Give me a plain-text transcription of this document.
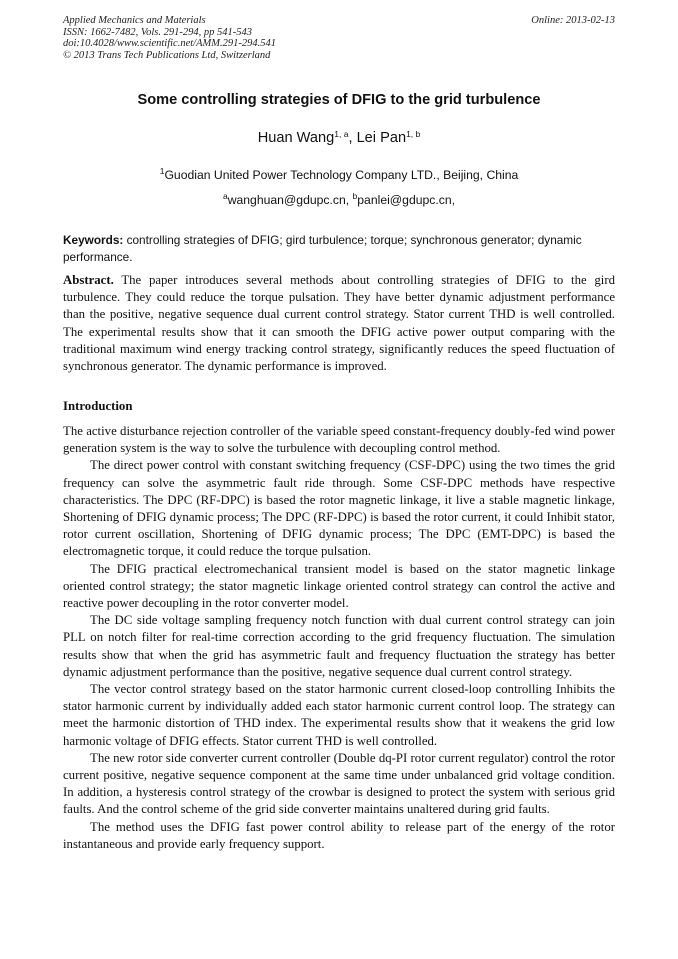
Applied Mechanics and Materials
ISSN: 1662-7482, Vols. 291-294, pp 541-543
doi:10.4028/www.scientific.net/AMM.291-294.541
© 2013 Trans Tech Publications Ltd, Switzerland
Online: 2013-02-13
Some controlling strategies of DFIG to the grid turbulence
Huan Wang$^{1, a}$, Lei Pan$^{1, b}$
$^1$Guodian United Power Technology Company LTD., Beijing, China
$^a$wanghuan@gdupc.cn, $^b$panlei@gdupc.cn,
Keywords: controlling strategies of DFIG; gird turbulence; torque; synchronous generator; dynamic performance.
Abstract. The paper introduces several methods about controlling strategies of DFIG to the gird turbulence. They could reduce the torque pulsation. They have better dynamic adjustment performance than the positive, negative sequence dual current control strategy. Stator current THD is well controlled. The experimental results show that it can smooth the DFIG active power output comparing with the traditional maximum wind energy tracking control strategy, significantly reduces the speed fluctuation of synchronous generator. The dynamic performance is improved.
Introduction

The active disturbance rejection controller of the variable speed constant-frequency doubly-fed wind power generation system is the way to solve the turbulence with decoupling control method.

The direct power control with constant switching frequency (CSF-DPC) using the two times the grid frequency can solve the asymmetric fault ride through. Some CSF-DPC methods have respective characteristics. The DPC (RF-DPC) is based the rotor magnetic linkage, it live a stable magnetic linkage, Shortening of DFIG dynamic process; The DPC (RF-DPC) is based the rotor current, it could Inhibit stator, rotor current oscillation, Shortening of DFIG dynamic process; The DPC (EMT-DPC) is based the electromagnetic torque, it could reduce the torque pulsation.

The DFIG practical electromechanical transient model is based on the stator magnetic linkage oriented control strategy; the stator magnetic linkage oriented control strategy can control the active and reactive power decoupling in the rotor converter model.

The DC side voltage sampling frequency notch function with dual current control strategy can join PLL on notch filter for real-time correction according to the grid frequency fluctuation. The simulation results show that when the grid has asymmetric fault and frequency fluctuation the strategy has better dynamic adjustment performance than the positive, negative sequence dual current control strategy.

The vector control strategy based on the stator harmonic current closed-loop controlling Inhibits the stator harmonic current by individually added each stator harmonic current control loop. The strategy can meet the harmonic distortion of THD index. The experimental results show that it weakens the grid low harmonic voltage of DFIG effects. Stator current THD is well controlled.

The new rotor side converter current controller (Double dq-PI rotor current regulator) control the rotor current positive, negative sequence component at the same time under unbalanced grid voltage condition. In addition, a hysteresis control strategy of the crowbar is designed to protect the system with serious grid faults. And the control scheme of the grid side converter maintains unaltered during grid faults.

The method uses the DFIG fast power control ability to release part of the energy of the rotor instantaneous and provide early frequency support.
